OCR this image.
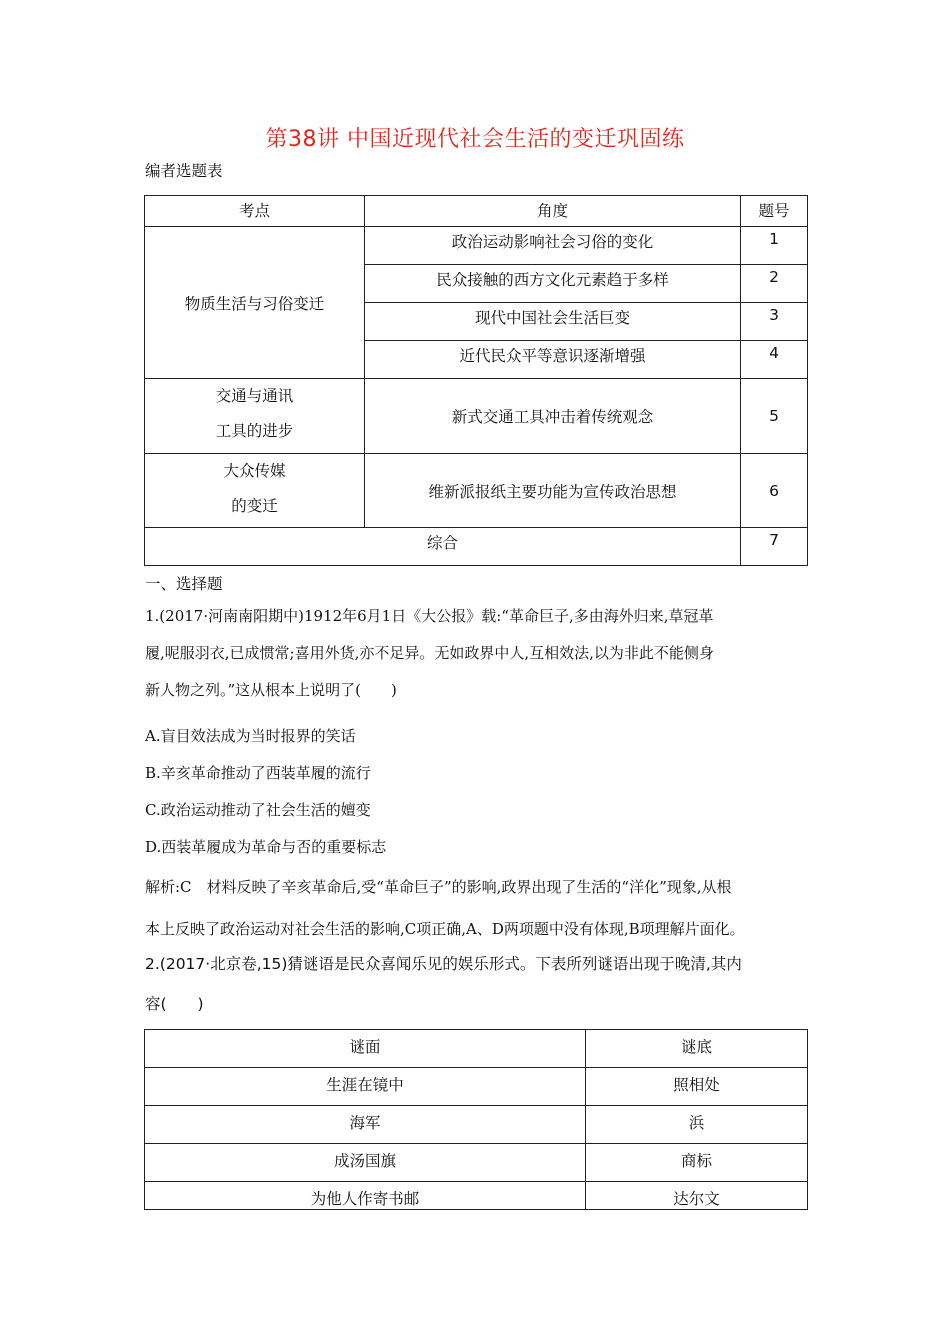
第38讲 中国近现代社会生活的变迁巩固练
编者选题表
考点	角度	题号
物质生活与习俗变迁	政治运动影响社会习俗的变化	1
	民众接触的西方文化元素趋于多样	2
	现代中国社会生活巨变	3
	近代民众平等意识逐渐增强	4

交通与通讯
工具的进步	新式交通工具冲击着传统观念	5

大众传媒
的变迁	维新派报纸主要功能为宣传政治思想	6
综合		7
一、选择题

1.(2017·河南南阳期中)1912年6月1日《大公报》载:“革命巨子,多由海外归来,草冠革

履,呢服羽衣,已成惯常;喜用外货,亦不足异。无如政界中人,互相效法,以为非此不能侧身

新人物之列。”这从根本上说明了(　　)

A.盲目效法成为当时报界的笑话

B.辛亥革命推动了西装革履的流行

C.政治运动推动了社会生活的嬗变

D.西装革履成为革命与否的重要标志

解析:C　材料反映了辛亥革命后,受“革命巨子”的影响,政界出现了生活的“洋化”现象,从根

本上反映了政治运动对社会生活的影响,C项正确,A、D两项题中没有体现,B项理解片面化。

2.(2017·北京卷,15)猜谜语是民众喜闻乐见的娱乐形式。下表所列谜语出现于晚清,其内

容(　　)

谜面	谜底
生涯在镜中	照相处
海军	浜
成汤国旗	商标
为他人作寄书邮	达尔文
